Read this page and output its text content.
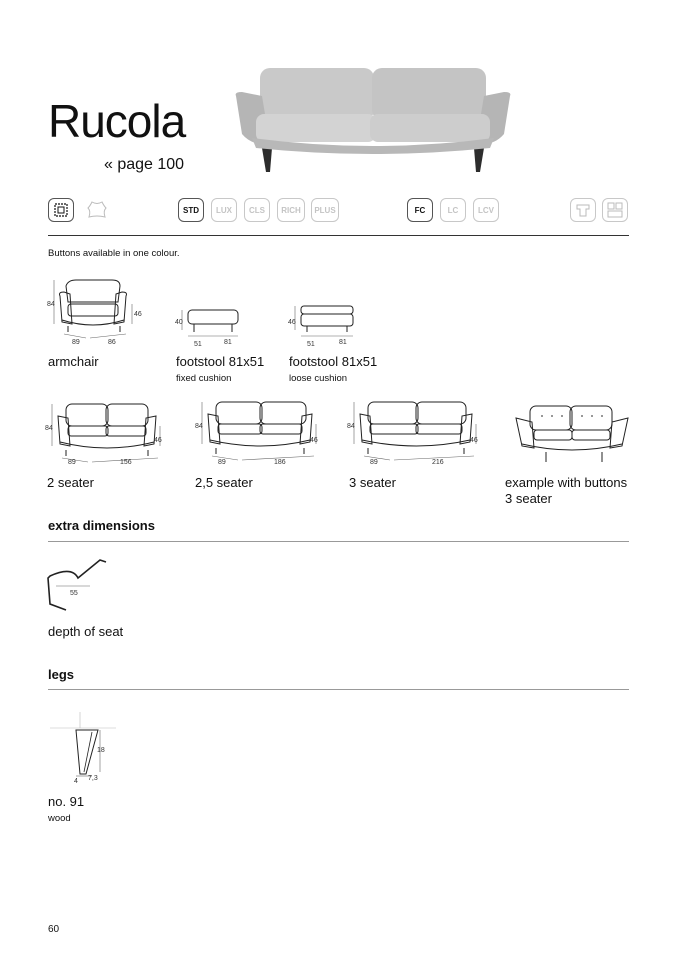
Rucola
« page 100
STD	LUX	CLS	RICH	PLUS	FC	LC	LCV
Buttons available in one colour.
84
46
89	86
armchair
40
51	81
footstool 81x51
fixed cushion
46
51	81
footstool 81x51
loose cushion
84
46
89	156
2 seater
84
46
89	186
2,5 seater
84
46
89	216
3 seater	example with buttons
3 seater
extra dimensions
55
depth of seat
legs
18
4 7,3
no. 91
wood
60
